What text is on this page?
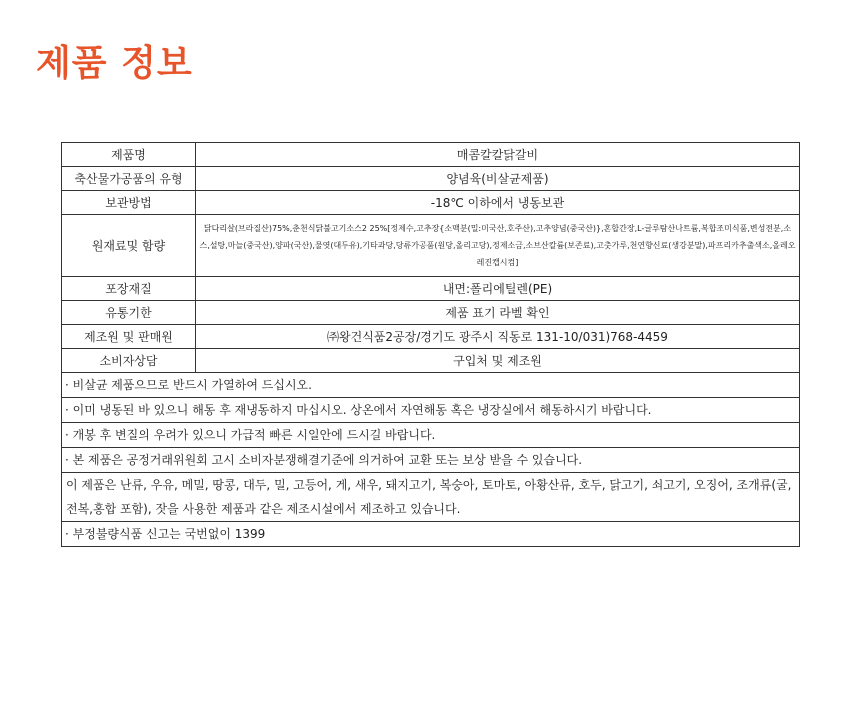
제품 정보
제품명	매콤칼칼닭갈비
축산물가공품의 유형	양념육(비살균제품)
보관방법	-18℃ 이하에서 냉동보관
원재료및 함량	닭다리살(브라질산)75%,춘천식닭불고기소스2 25%[정제수,고추장{소맥분(밀:미국산,호주산),고추양념(중국산)},혼합간장,L-글루탐산나트륨,복합조미식품,변성전분,소스,설탕,마늘(중국산),양파(국산),물엿(대두유),기타과당,당류가공품(원당,올리고당),정제소금,소브산칼륨(보존료),고춧가루,천연향신료(생강분말),파프리카추출색소,올레오레진캡시컴]
포장재질	내면:폴리에틸렌(PE)
유통기한	제품 표기 라벨 확인
제조원 및 판매원	㈜왕건식품2공장/경기도 광주시 직동로 131-10/031)768-4459
소비자상담	구입처 및 제조원
· 비살균 제품으므로 반드시 가열하여 드십시오.	
· 이미 냉동된 바 있으니 해동 후 재냉동하지 마십시오. 상온에서 자연해동 혹은 냉장실에서 해동하시기 바랍니다.	
· 개봉 후 변질의 우려가 있으니 가급적 빠른 시일안에 드시길 바랍니다.	
· 본 제품은 공정거래위원회 고시 소비자분쟁해결기준에 의거하여 교환 또는 보상 받을 수 있습니다.	
이 제품은 난류, 우유, 메밀, 땅콩, 대두, 밀, 고등어, 게, 새우, 돼지고기, 복숭아, 토마토, 아황산류, 호두, 닭고기, 쇠고기, 오징어, 조개류(굴,전복,홍합 포함), 잣을 사용한 제품과 같은 제조시설에서 제조하고 있습니다.	
· 부정불량식품 신고는 국번없이 1399	
